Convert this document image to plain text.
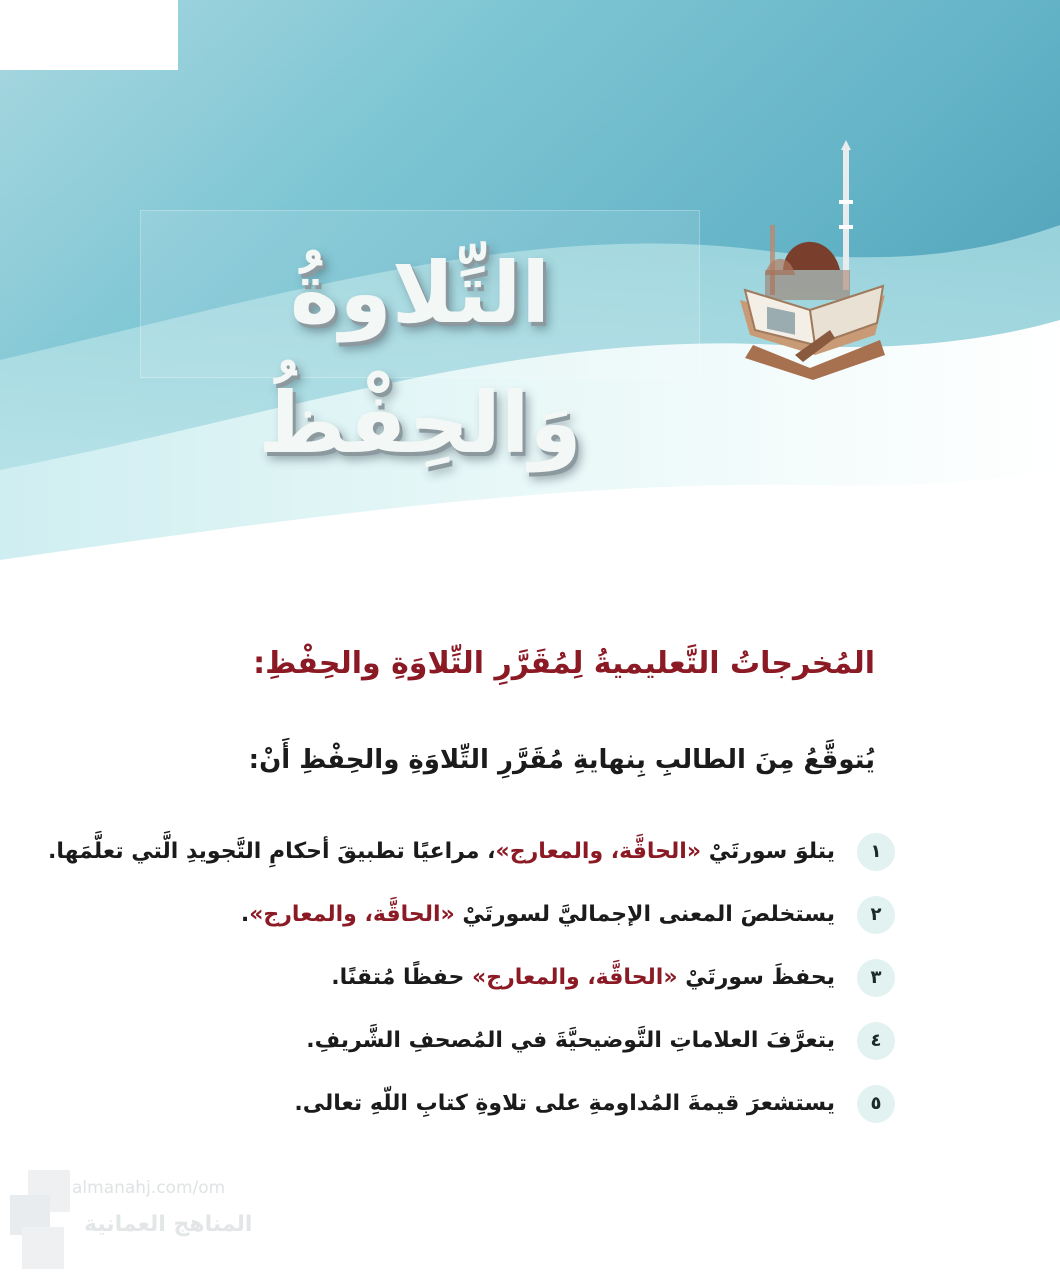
التِّلاوةُ وَالحِفْظُ
المُخرجاتُ التَّعليميةُ لِمُقَرَّرِ التِّلاوَةِ والحِفْظِ:
يُتوقَّعُ مِنَ الطالبِ بِنهايةِ مُقَرَّرِ التِّلاوَةِ والحِفْظِ أَنْ:
١
يتلوَ سورتَيْ «الحاقَّة، والمعارج»، مراعيًا تطبيقَ أحكامِ التَّجويدِ الَّتي تعلَّمَها.
٢
يستخلصَ المعنى الإجماليَّ لسورتَيْ «الحاقَّة، والمعارج».
٣
يحفظَ سورتَيْ «الحاقَّة، والمعارج» حفظًا مُتقنًا.
٤
يتعرَّفَ العلاماتِ التَّوضيحيَّةَ في المُصحفِ الشَّريفِ.
٥
يستشعرَ قيمةَ المُداومةِ على تلاوةِ كتابِ اللّهِ تعالى.
almanahj.com/om
المناهج العمانية
